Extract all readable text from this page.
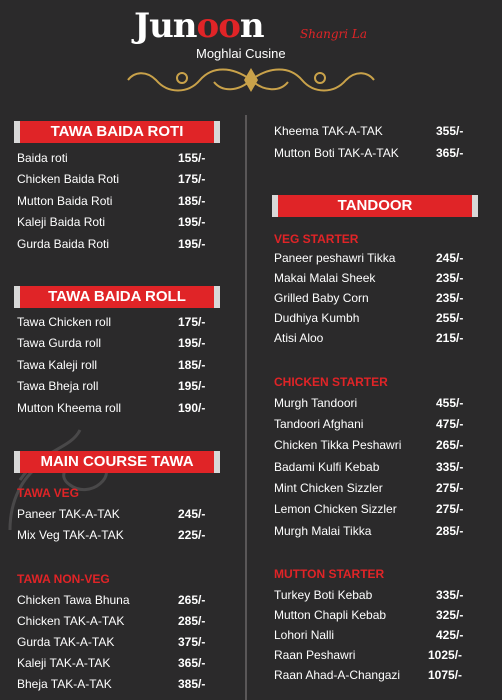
Junoon	Shangri La
Moghlai Cusine
TAWA BAIDA ROTI
Baida roti	155/-
Chicken Baida Roti	175/-
Mutton Baida Roti	185/-
Kaleji Baida Roti	195/-
Gurda Baida Roti	195/-
TAWA BAIDA ROLL
Tawa Chicken roll	175/-
Tawa Gurda roll	195/-
Tawa Kaleji roll	185/-
Tawa Bheja roll	195/-
Mutton Kheema roll	190/-
MAIN COURSE TAWA
TAWA VEG
Paneer TAK-A-TAK	245/-
Mix Veg TAK-A-TAK	225/-
TAWA NON-VEG
Chicken Tawa Bhuna	265/-
Chicken TAK-A-TAK	285/-
Gurda TAK-A-TAK	375/-
Kaleji TAK-A-TAK	365/-
Bheja TAK-A-TAK	385/-
Kheema TAK-A-TAK	355/-
Mutton Boti TAK-A-TAK	365/-
TANDOOR
VEG STARTER
Paneer peshawri Tikka	245/-
Makai Malai Sheek	235/-
Grilled Baby Corn	235/-
Dudhiya Kumbh	255/-
Atisi Aloo	215/-
CHICKEN STARTER
Murgh Tandoori	455/-
Tandoori Afghani	475/-
Chicken Tikka Peshawri	265/-
Badami Kulfi Kebab	335/-
Mint Chicken Sizzler	275/-
Lemon Chicken Sizzler	275/-
Murgh Malai Tikka	285/-
MUTTON STARTER
Turkey Boti Kebab	335/-
Mutton Chapli Kebab	325/-
Lohori Nalli	425/-
Raan Peshawri	1025/-
Raan Ahad-A-Changazi 1075/-
